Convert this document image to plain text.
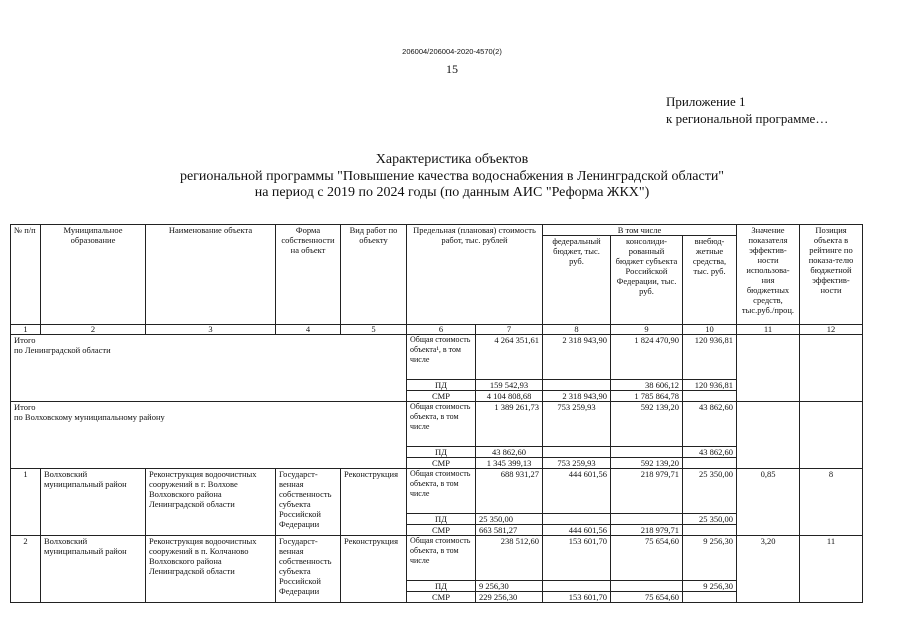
206004/206004-2020-4570(2)
15
Приложение 1
к региональной программе…
Характеристика объектов
региональной программы "Повышение качества водоснабжения в Ленинградской области"
на период с 2019 по 2024 годы (по данным АИС "Реформа ЖКХ")
№ п/п	Муниципальное образование	Наименование объекта	Форма собственности на объект	Вид работ по объекту	Предельная (плановая) стоимость работ, тыс. рублей		В том числе			Значение показателя эффектив-ности использова-ния бюджетных средств, тыс.руб./проц.	Позиция объекта в рейтинге по показа-телю бюджетной эффектив-ности
							федеральный бюджет, тыс. руб.	консолиди-рованный бюджет субъекта Российской Федерации, тыс. руб.	внебюд-жетные средства, тыс. руб.		
1	2	3	4	5	6	7	8	9	10	11	12
Итого
по Ленинградской области					Общая стоимость объекта¹, в том числе	4 264 351,61	2 318 943,90	1 824 470,90	120 936,81		
					ПД	159 542,93		38 606,12	120 936,81		
					СМР	4 104 808,68	2 318 943,90	1 785 864,78			
Итого
по Волховскому муниципальному району					Общая стоимость объекта, в том числе	1 389 261,73	753 259,93	592 139,20	43 862,60		
					ПД	43 862,60			43 862,60		
					СМР	1 345 399,13	753 259,93	592 139,20			
1	Волховский муниципальный район	Реконструкция водоочистных сооружений в г. Волхове Волховского района Ленинградской области	Государст-венная собственность субъекта Российской Федерации	Реконструкция	Общая стоимость объекта, в том числе	688 931,27	444 601,56	218 979,71	25 350,00	0,85	8
					ПД	25 350,00			25 350,00		
					СМР	663 581,27	444 601,56	218 979,71			
2	Волховский муниципальный район	Реконструкция водоочистных сооружений в п. Колчаново Волховского района Ленинградской области	Государст-венная собственность субъекта Российской Федерации	Реконструкция	Общая стоимость объекта, в том числе	238 512,60	153 601,70	75 654,60	9 256,30	3,20	11
					ПД	9 256,30			9 256,30		
					СМР	229 256,30	153 601,70	75 654,60			
